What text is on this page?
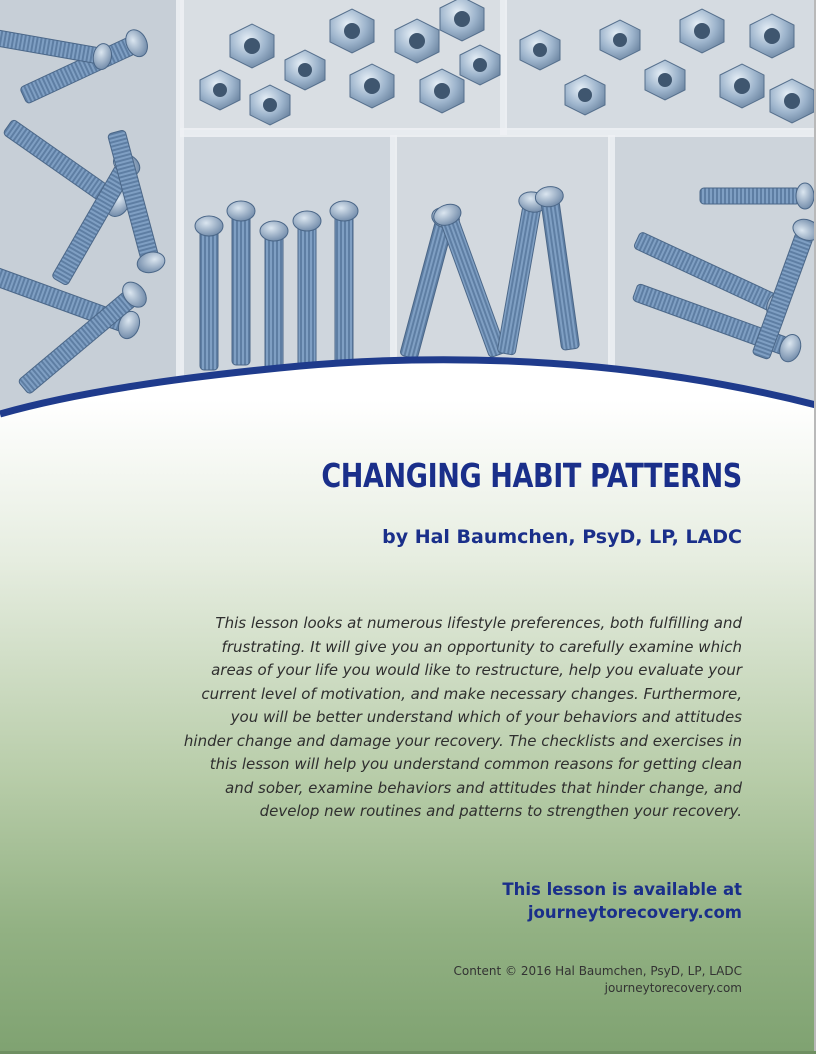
CHANGING HABIT PATTERNS

by Hal Baumchen, PsyD, LP, LADC

This lesson looks at numerous lifestyle preferences, both fulfilling and
frustrating. It will give you an opportunity to carefully examine which
areas of your life you would like to restructure, help you evaluate your
current level of motivation, and make necessary changes. Furthermore,
you will be better understand which of your behaviors and attitudes
hinder change and damage your recovery. The checklists and exercises in
this lesson will help you understand common reasons for getting clean
and sober, examine behaviors and attitudes that hinder change, and
develop new routines and patterns to strengthen your recovery.
This lesson is available at
journeytorecovery.com
Content © 2016 Hal Baumchen, PsyD, LP, LADC
journeytorecovery.com
